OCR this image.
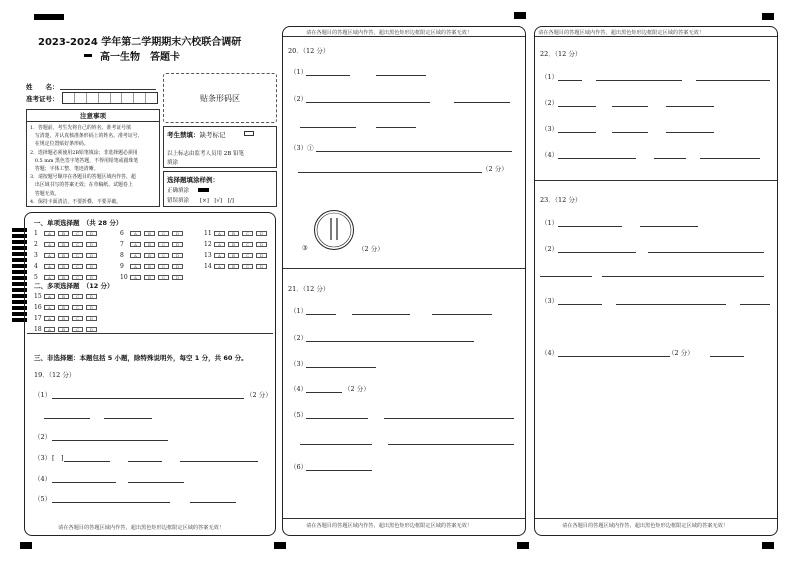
2023-2024 学年第二学期期末六校联合调研
高一生物　答题卡
姓　　名：
准考证号：
注意事项
1．答题前，考生先将自己的姓名、准考证号填
　写清楚，并认真核准条形码上的姓名、准考证号，
　在规定位置贴好条形码。
2．选择题必须使用2B铅笔填涂；非选择题必须用
　0.5 mm 黑色签字笔答题，不得用铅笔或圆珠笔
　答题；字体工整、笔迹清晰。
3．请按题号顺序在各题目的答题区域内作答，超
　出区域书写的答案无效；在草稿纸、试题卷上
　答题无效。
4．保持卡面清洁，不要折叠、不要弄破。
贴条形码区
考生禁填：缺考标记
以上标志由监考人员用 2B 铅笔
填涂
选择题填涂样例：
正确填涂
错误填涂 [×]　[√]　[/]
一、单项选择题　（共 28 分）
1	A	B	C	D
2	A	B	C	D
3	A	B	C	D
4	A	B	C	D
5	A	B	C	D
6	A	B	C	D
7	A	B	C	D
8	A	B	C	D
9	A	B	C	D
10 A	B	C	D
11 A	B	C	D
12 A	B	C	D
13 A	B	C	D
14 A	B	C	D
二、多项选择题　（12 分）
15 A	B	C	D
16 A	B	C	D
17 A	B	C	D
18 A	B	C	D
三、非选择题：本题包括 5 小题，除特殊说明外，每空 1 分，共 60 分。
19．（12 分）
（1）	（2 分）
（2）
（3） [　]
（4）
（5）
请在各题目的答题区域内作答，超出黑色矩形边框限定区域的答案无效！
请在各题目的答题区域内作答，超出黑色矩形边框限定区域的答案无效！
20．（12 分）
（1）
（2）
（3）①
（2 分）
③	（2 分）
21．（12 分）
（1）
（2）
（3）
（4）	（2 分）
（5）
（6）
请在各题目的答题区域内作答，超出黑色矩形边框限定区域的答案无效！
请在各题目的答题区域内作答，超出黑色矩形边框限定区域的答案无效！
22．（12 分）
（1）
（2）
（3）
（4）
23．（12 分）
（1）
（2）
（3）
（4）	（2 分）
请在各题目的答题区域内作答，超出黑色矩形边框限定区域的答案无效！
